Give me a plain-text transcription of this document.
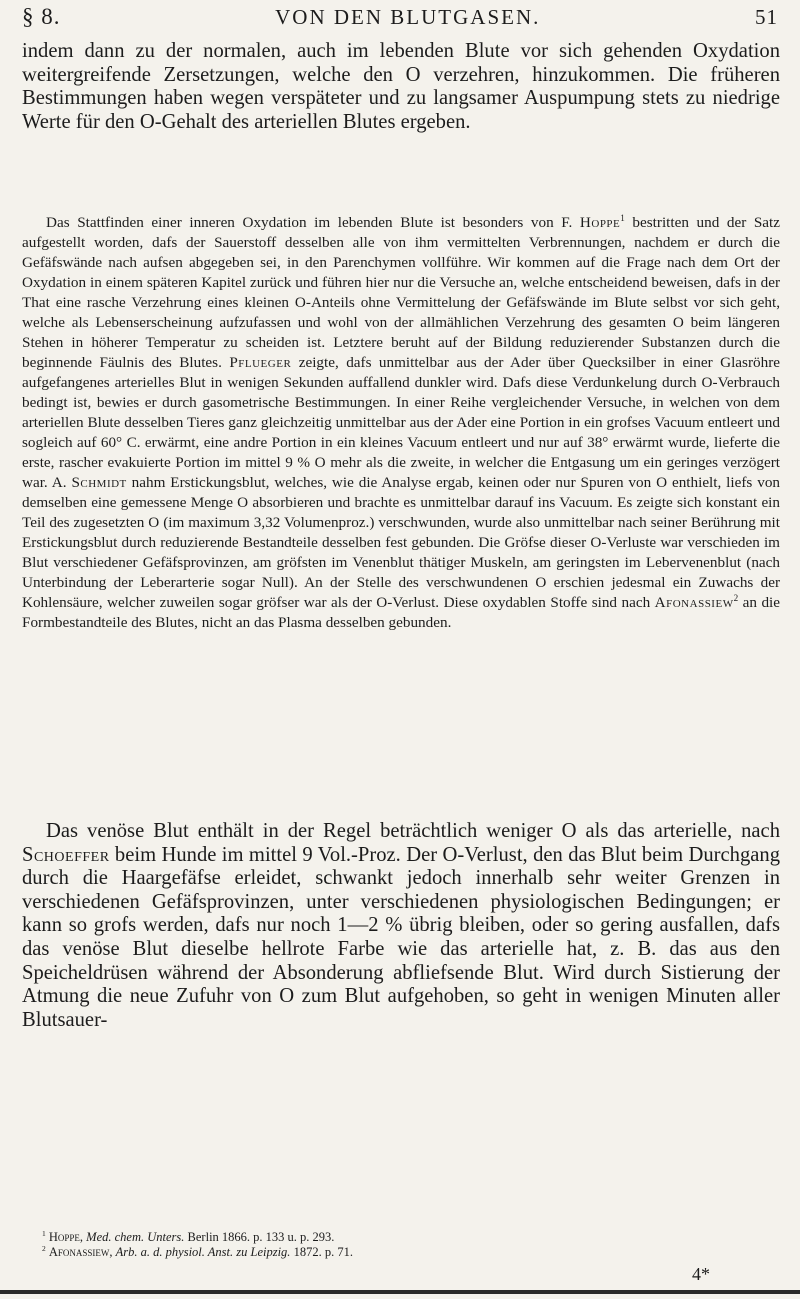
§ 8.	VON DEN BLUTGASEN.	51
indem dann zu der normalen, auch im lebenden Blute vor sich gehenden Oxydation weitergreifende Zersetzungen, welche den O verzehren, hinzukommen. Die früheren Bestimmungen haben wegen verspäteter und zu langsamer Auspumpung stets zu niedrige Werte für den O-Gehalt des arteriellen Blutes ergeben.
Das Stattfinden einer inneren Oxydation im lebenden Blute ist besonders von F. Hoppe$^1$ bestritten und der Satz aufgestellt worden, dafs der Sauerstoff desselben alle von ihm vermittelten Verbrennungen, nachdem er durch die Gefäfswände nach aufsen abgegeben sei, in den Parenchymen vollführe. Wir kommen auf die Frage nach dem Ort der Oxydation in einem späteren Kapitel zurück und führen hier nur die Versuche an, welche entscheidend beweisen, dafs in der That eine rasche Verzehrung eines kleinen O-Anteils ohne Vermittelung der Gefäfswände im Blute selbst vor sich geht, welche als Lebenserscheinung aufzufassen und wohl von der allmählichen Verzehrung des gesamten O beim längeren Stehen in höherer Temperatur zu scheiden ist. Letztere beruht auf der Bildung reduzierender Substanzen durch die beginnende Fäulnis des Blutes. Pflueger zeigte, dafs unmittelbar aus der Ader über Quecksilber in einer Glasröhre aufgefangenes arterielles Blut in wenigen Sekunden auffallend dunkler wird. Dafs diese Verdunkelung durch O-Verbrauch bedingt ist, bewies er durch gasometrische Bestimmungen. In einer Reihe vergleichender Versuche, in welchen von dem arteriellen Blute desselben Tieres ganz gleichzeitig unmittelbar aus der Ader eine Portion in ein grofses Vacuum entleert und sogleich auf 60° C. erwärmt, eine andre Portion in ein kleines Vacuum entleert und nur auf 38° erwärmt wurde, lieferte die erste, rascher evakuierte Portion im mittel 9 % O mehr als die zweite, in welcher die Entgasung um ein geringes verzögert war. A. Schmidt nahm Erstickungsblut, welches, wie die Analyse ergab, keinen oder nur Spuren von O enthielt, liefs von demselben eine gemessene Menge O absorbieren und brachte es unmittelbar darauf ins Vacuum. Es zeigte sich konstant ein Teil des zugesetzten O (im maximum 3,32 Volumenproz.) verschwunden, wurde also unmittelbar nach seiner Berührung mit Erstickungsblut durch reduzierende Bestandteile desselben fest gebunden. Die Gröfse dieser O-Verluste war verschieden im Blut verschiedener Gefäfsprovinzen, am gröfsten im Venenblut thätiger Muskeln, am geringsten im Lebervenenblut (nach Unterbindung der Leberarterie sogar Null). An der Stelle des verschwundenen O erschien jedesmal ein Zuwachs der Kohlensäure, welcher zuweilen sogar gröfser war als der O-Verlust. Diese oxydablen Stoffe sind nach Afonassiew$^2$ an die Formbestandteile des Blutes, nicht an das Plasma desselben gebunden.
Das venöse Blut enthält in der Regel beträchtlich weniger O als das arterielle, nach Schoeffer beim Hunde im mittel 9 Vol.-Proz. Der O-Verlust, den das Blut beim Durchgang durch die Haargefäfse erleidet, schwankt jedoch innerhalb sehr weiter Grenzen in verschiedenen Gefäfsprovinzen, unter verschiedenen physiologischen Bedingungen; er kann so grofs werden, dafs nur noch 1—2 % übrig bleiben, oder so gering ausfallen, dafs das venöse Blut dieselbe hellrote Farbe wie das arterielle hat, z. B. das aus den Speicheldrüsen während der Absonderung abfliefsende Blut. Wird durch Sistierung der Atmung die neue Zufuhr von O zum Blut aufgehoben, so geht in wenigen Minuten aller Blutsauer-
$^1$ Hoppe, Med. chem. Unters. Berlin 1866. p. 133 u. p. 293.
$^2$ Afonassiew, Arb. a. d. physiol. Anst. zu Leipzig. 1872. p. 71.
4*
